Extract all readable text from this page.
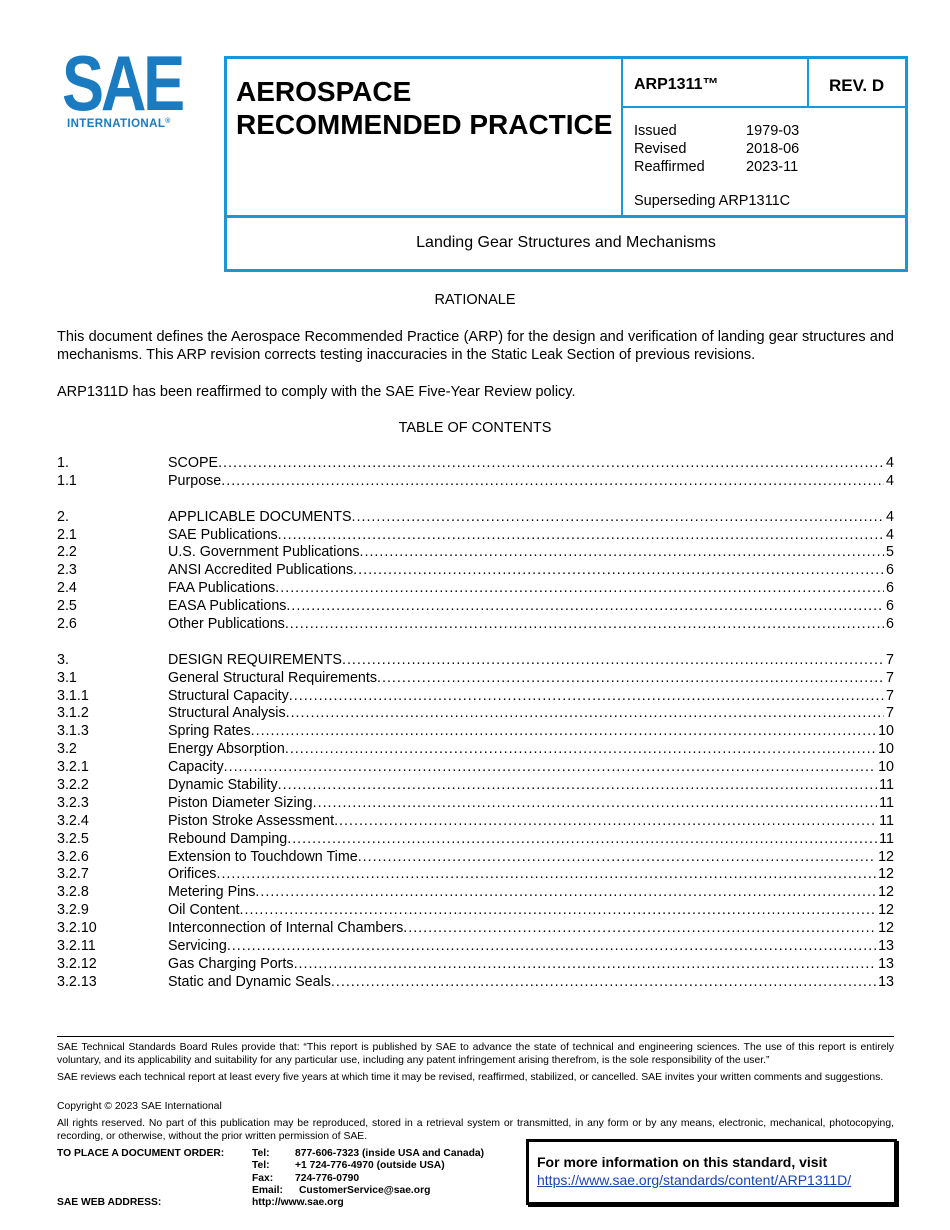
SAE
INTERNATIONAL®
AEROSPACE
RECOMMENDED PRACTICE
ARP1311™	REV. D
Issued	1979-03
Revised	2018-06
Reaffirmed	2023-11
Superseding ARP1311C
Landing Gear Structures and Mechanisms
RATIONALE
This document defines the Aerospace Recommended Practice (ARP) for the design and verification of landing gear structures and mechanisms. This ARP revision corrects testing inaccuracies in the Static Leak Section of previous revisions.
ARP1311D has been reaffirmed to comply with the SAE Five-Year Review policy.
TABLE OF CONTENTS
1.	SCOPE .....	4
1.1	Purpose .....	4
2.	APPLICABLE DOCUMENTS .....	4
2.1	SAE Publications .....	4
2.2	U.S. Government Publications .....	5
2.3	ANSI Accredited Publications .....	6
2.4	FAA Publications .....	6
2.5	EASA Publications .....	6
2.6	Other Publications .....	6
3.	DESIGN REQUIREMENTS .....	7
3.1	General Structural Requirements .....	7
3.1.1	Structural Capacity .....	7
3.1.2	Structural Analysis .....	7
3.1.3	Spring Rates .....	10
3.2	Energy Absorption .....	10
3.2.1	Capacity .....	10
3.2.2	Dynamic Stability .....	11
3.2.3	Piston Diameter Sizing .....	11
3.2.4	Piston Stroke Assessment .....	11
3.2.5	Rebound Damping .....	11
3.2.6	Extension to Touchdown Time .....	12
3.2.7	Orifices .....	12
3.2.8	Metering Pins .....	12
3.2.9	Oil Content .....	12
3.2.10	Interconnection of Internal Chambers .....	12
3.2.11	Servicing .....	13
3.2.12	Gas Charging Ports .....	13
3.2.13	Static and Dynamic Seals .....	13
SAE Technical Standards Board Rules provide that: “This report is published by SAE to advance the state of technical and engineering sciences. The use of this report is entirely voluntary, and its applicability and suitability for any particular use, including any patent infringement arising therefrom, is the sole responsibility of the user.”
SAE reviews each technical report at least every five years at which time it may be revised, reaffirmed, stabilized, or cancelled. SAE invites your written comments and suggestions.
Copyright © 2023 SAE International
All rights reserved. No part of this publication may be reproduced, stored in a retrieval system or transmitted, in any form or by any means, electronic, mechanical, photocopying, recording, or otherwise, without the prior written permission of SAE.
TO PLACE A DOCUMENT ORDER:	Tel: 877-606-7323 (inside USA and Canada)
Tel: +1 724-776-4970 (outside USA)
Fax: 724-776-0790
Email: CustomerService@sae.org
SAE WEB ADDRESS:	http://www.sae.org
For more information on this standard, visit
https://www.sae.org/standards/content/ARP1311D/
